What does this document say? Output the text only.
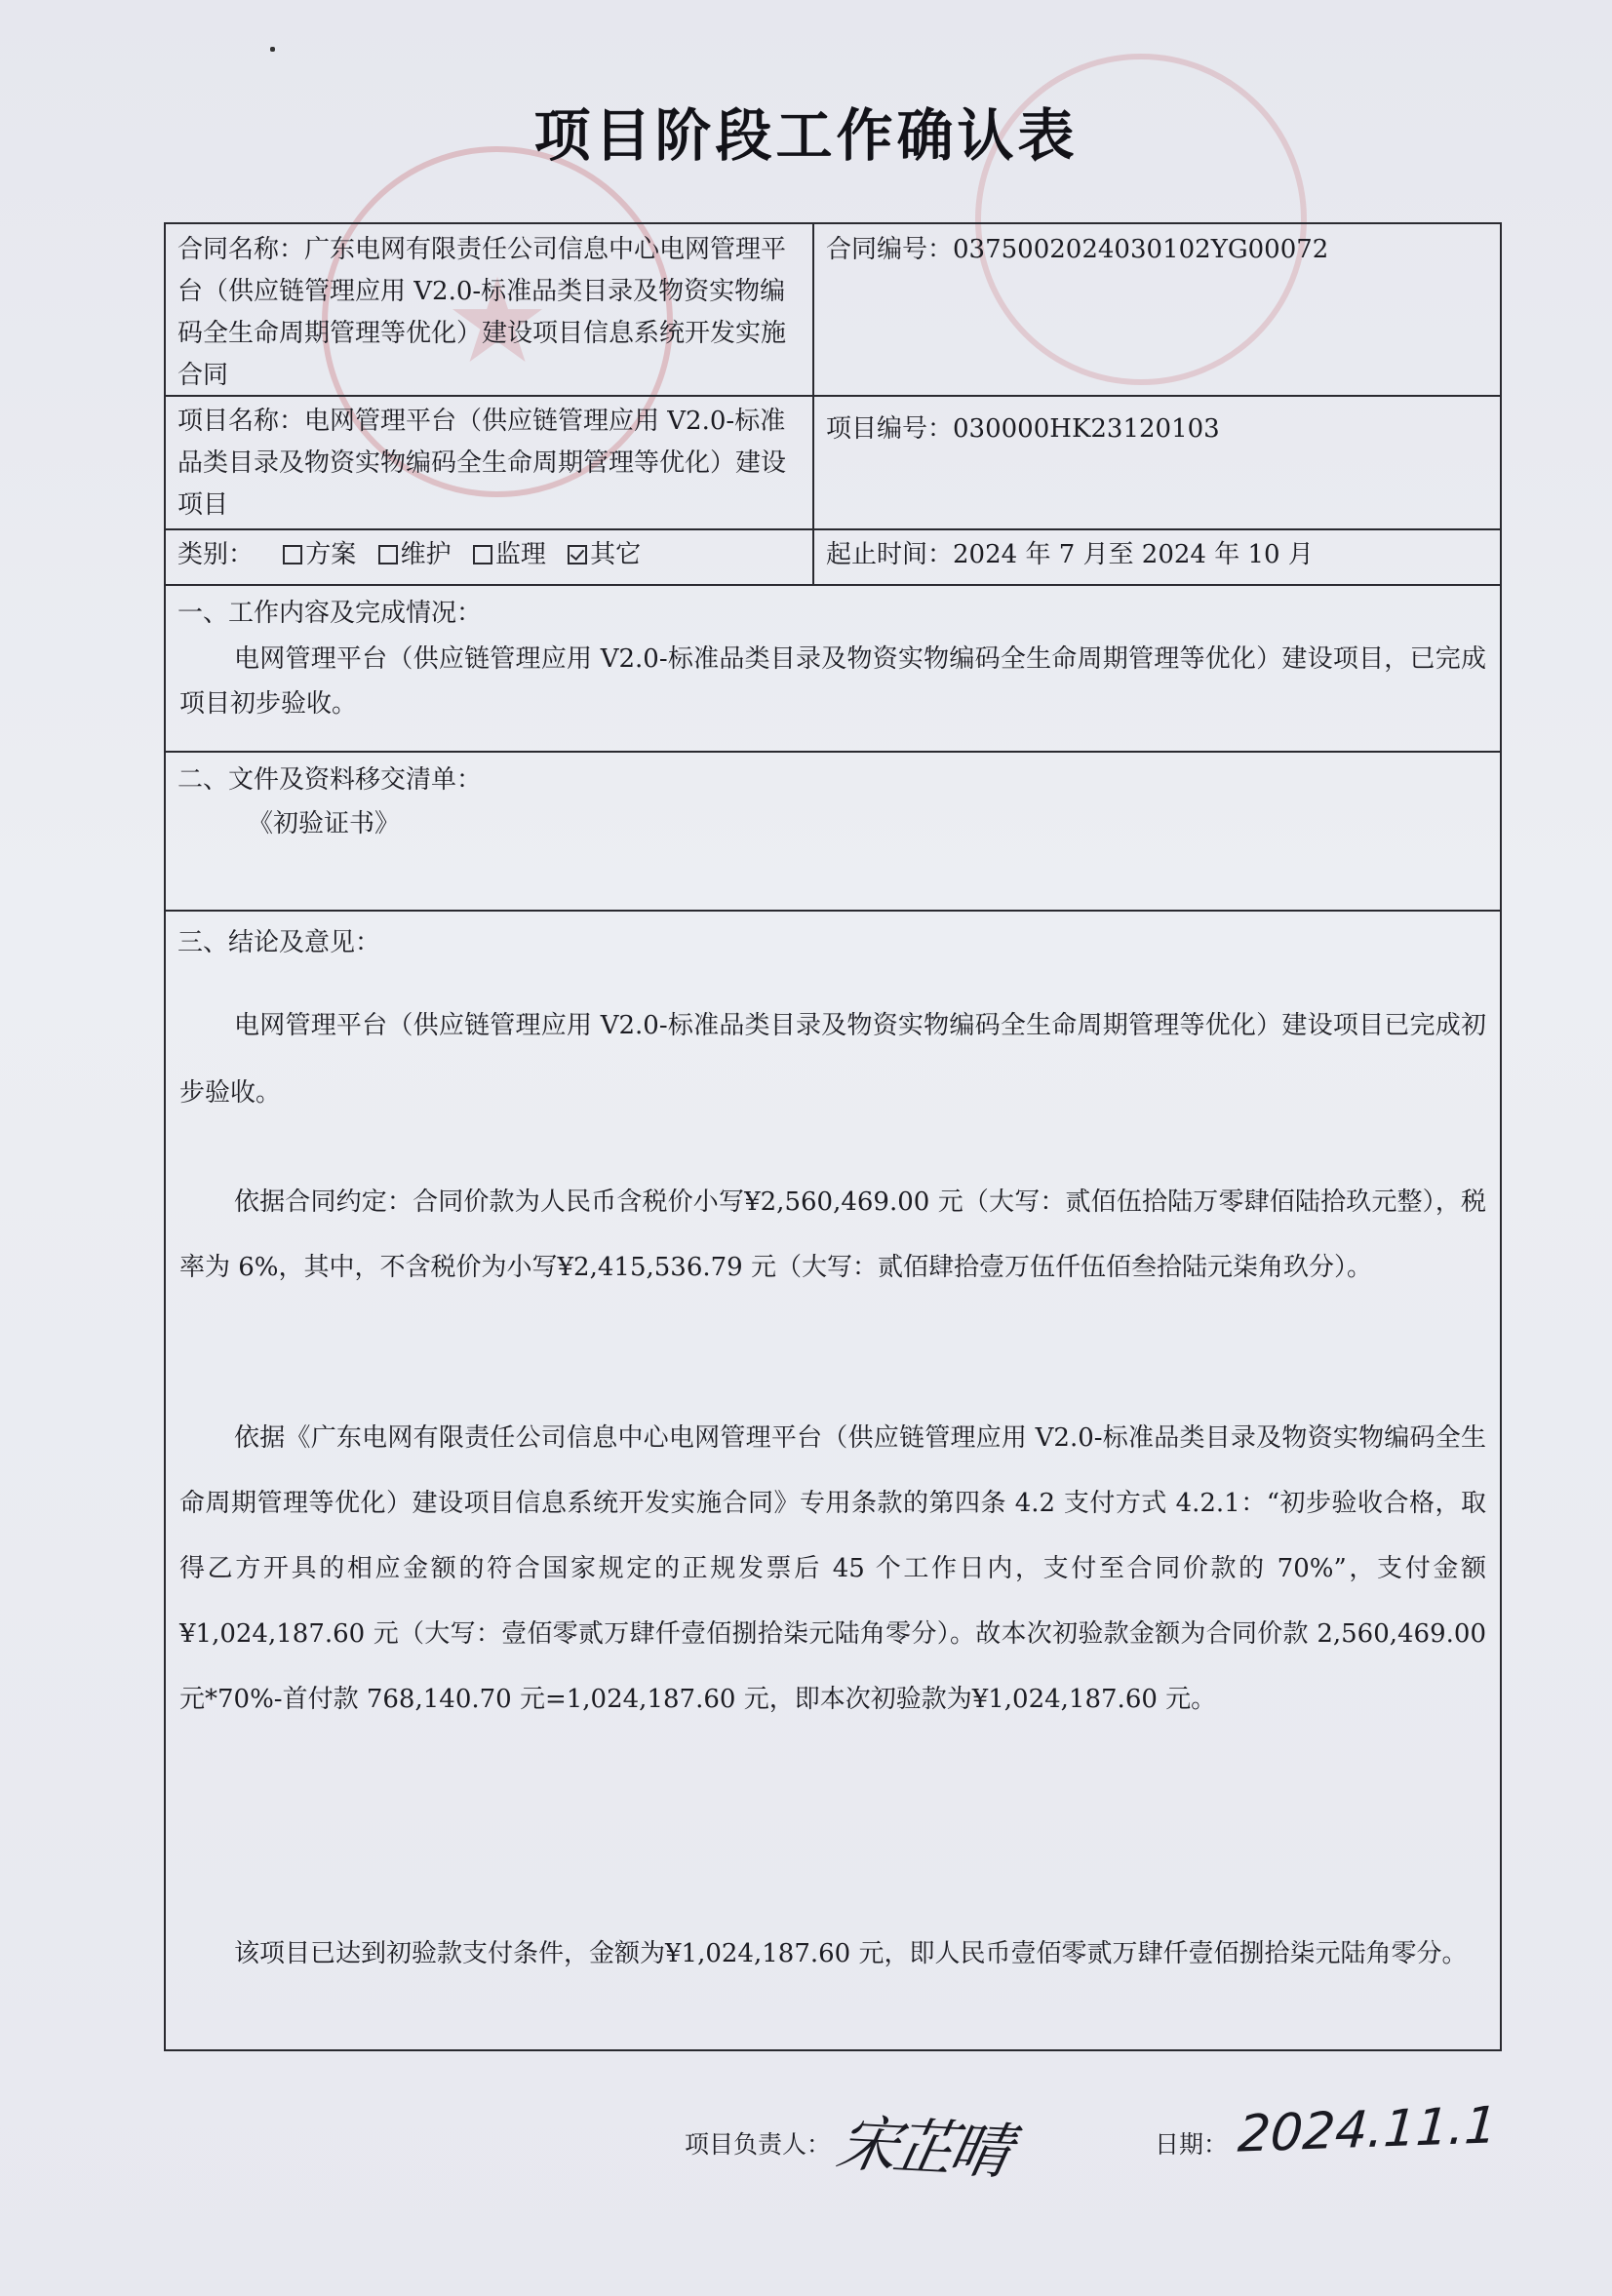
★
项目阶段工作确认表
合同名称：广东电网有限责任公司信息中心电网管理平台（供应链管理应用 V2.0-标准品类目录及物资实物编码全生命周期管理等优化）建设项目信息系统开发实施合同
合同编号：0375002024030102YG00072
项目名称：电网管理平台（供应链管理应用 V2.0-标准品类目录及物资实物编码全生命周期管理等优化）建设项目
项目编号：030000HK23120103
类别： 方案 维护 监理 其它	起止时间：2024 年 7 月至 2024 年 10 月
一、工作内容及完成情况：
电网管理平台（供应链管理应用 V2.0-标准品类目录及物资实物编码全生命周期管理等优化）建设项目，已完成项目初步验收。
二、文件及资料移交清单：
《初验证书》
三、结论及意见：
电网管理平台（供应链管理应用 V2.0-标准品类目录及物资实物编码全生命周期管理等优化）建设项目已完成初步验收。
依据合同约定：合同价款为人民币含税价小写¥2,560,469.00 元（大写：贰佰伍拾陆万零肆佰陆拾玖元整），税率为 6%，其中，不含税价为小写¥2,415,536.79 元（大写：贰佰肆拾壹万伍仟伍佰叁拾陆元柒角玖分）。
依据《广东电网有限责任公司信息中心电网管理平台（供应链管理应用 V2.0-标准品类目录及物资实物编码全生命周期管理等优化）建设项目信息系统开发实施合同》专用条款的第四条 4.2 支付方式 4.2.1：“初步验收合格，取得乙方开具的相应金额的符合国家规定的正规发票后 45 个工作日内，支付至合同价款的 70%”，支付金额¥1,024,187.60 元（大写：壹佰零贰万肆仟壹佰捌拾柒元陆角零分）。故本次初验款金额为合同价款 2,560,469.00 元*70%-首付款 768,140.70 元=1,024,187.60 元，即本次初验款为¥1,024,187.60 元。
该项目已达到初验款支付条件，金额为¥1,024,187.60 元，即人民币壹佰零贰万肆仟壹佰捌拾柒元陆角零分。
项目负责人： 宋芷晴	日期： 2024.11.1
